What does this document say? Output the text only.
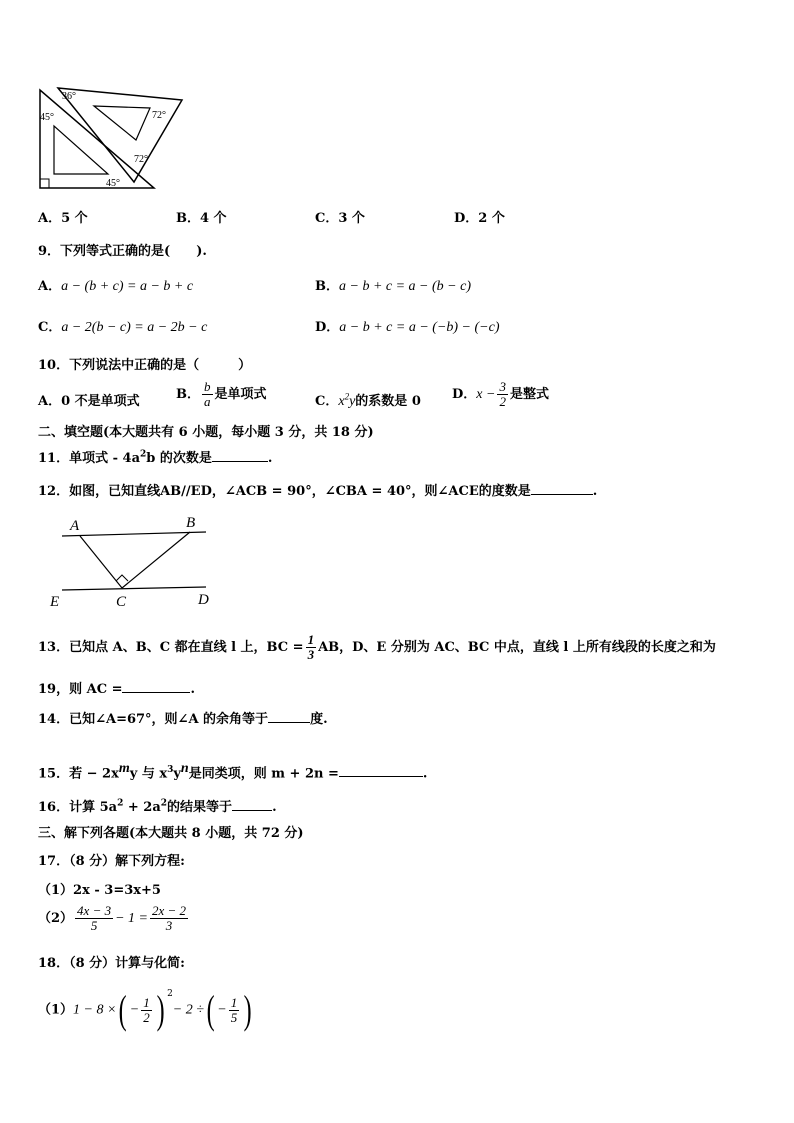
36°
72°
45°
72°
45°
A．5 个	B．4 个	C．3 个	D．2 个
9．下列等式正确的是(　　).
A．a − (b + c) = a − b + c	B．a − b + c = a − (b − c)
C．a − 2(b − c) = a − 2b − c	D．a − b + c = a − (−b) − (−c)
10．下列说法中正确的是（　　　）
A．0 不是单项式	B． $\frac{b}{a}$ 是单项式	C．$x^2y$的系数是 0 D．$x - \frac{3}{2}$ 是整式
二、填空题(本大题共有 6 小题，每小题 3 分，共 18 分)
11．单项式 - $4a^2b$ 的次数是	.
12．如图，已知直线AB//ED，∠ACB = 90°，∠CBA = 40°，则∠ACE的度数是	.
A	B
E	C	D
13．已知点 A、B、C 都在直线 l 上，BC = $\frac{1}{3}$ AB，D、E 分别为 AC、BC 中点，直线 l 上所有线段的长度之和为
19，则 AC =	.
14．已知∠A=67°，则∠A 的余角等于	度.
15．若 − $2x^my$ 与 $x^3y^n$是同类项，则 m + 2n =	.
16．计算 $5a^2 + 2a^2$的结果等于	.
三、解下列各题(本大题共 8 小题，共 72 分)
17．（8 分）解下列方程:
（1）2x - 3=3x+5
$(2) \frac{4x - 3}{5} - 1 = \frac{2x - 2}{3}$
18．（8 分）计算与化简:
（1）1 − 8 ×( − $\frac{1}{2}$ ) $^2$− 2 ÷( − $\frac{1}{5}$ )
